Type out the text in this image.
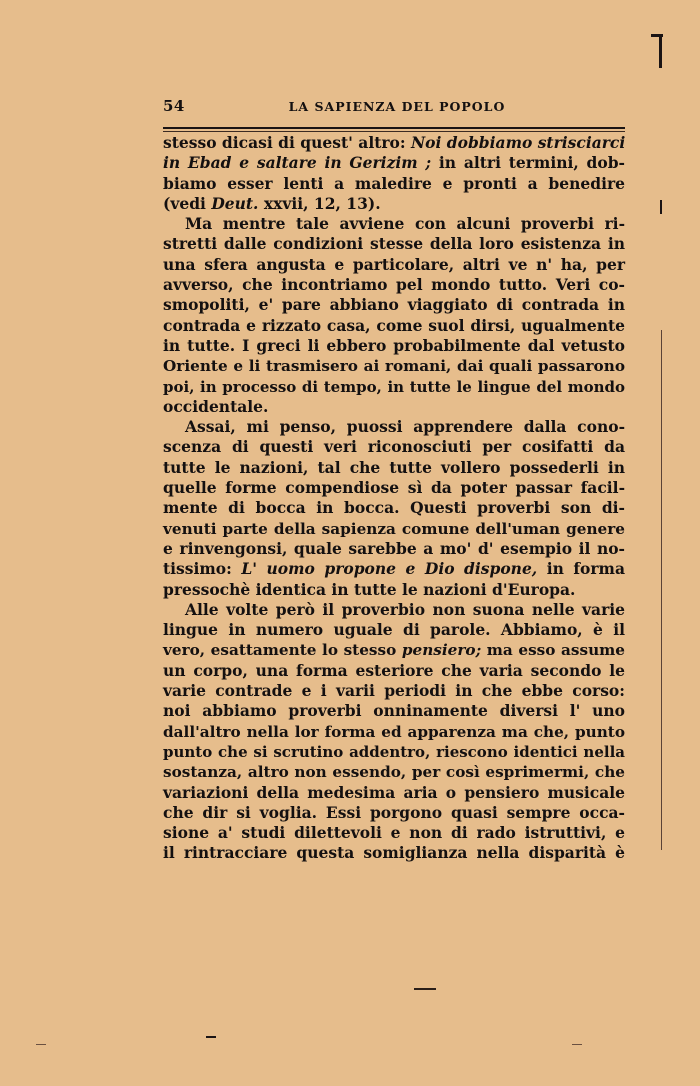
54	LA SAPIENZA DEL POPOLO
stesso dicasi di quest' altro: Noi dobbiamo strisciarci
in Ebad e saltare in Gerizim ; in altri termini, dob-
biamo esser lenti a maledire e pronti a benedire
(vedi Deut. xxvii, 12, 13).
Ma mentre tale avviene con alcuni proverbi ri-
stretti dalle condizioni stesse della loro esistenza in
una sfera angusta e particolare, altri ve n' ha, per
avverso, che incontriamo pel mondo tutto. Veri co-
smopoliti, e' pare abbiano viaggiato di contrada in
contrada e rizzato casa, come suol dirsi, ugualmente
in tutte. I greci li ebbero probabilmente dal vetusto
Oriente e li trasmisero ai romani, dai quali passarono
poi, in processo di tempo, in tutte le lingue del mondo
occidentale.
Assai, mi penso, puossi apprendere dalla cono-
scenza di questi veri riconosciuti per cosifatti da
tutte le nazioni, tal che tutte vollero possederli in
quelle forme compendiose sì da poter passar facil-
mente di bocca in bocca. Questi proverbi son di-
venuti parte della sapienza comune dell'uman genere
e rinvengonsi, quale sarebbe a mo' d' esempio il no-
tissimo: L' uomo propone e Dio dispone, in forma
pressochè identica in tutte le nazioni d'Europa.
Alle volte però il proverbio non suona nelle varie
lingue in numero uguale di parole. Abbiamo, è il
vero, esattamente lo stesso pensiero; ma esso assume
un corpo, una forma esteriore che varia secondo le
varie contrade e i varii periodi in che ebbe corso:
noi abbiamo proverbi onninamente diversi l' uno
dall'altro nella lor forma ed apparenza ma che, punto
punto che si scrutino addentro, riescono identici nella
sostanza, altro non essendo, per così esprimermi, che
variazioni della medesima aria o pensiero musicale
che dir si voglia. Essi porgono quasi sempre occa-
sione a' studi dilettevoli e non di rado istruttivi, e
il rintracciare questa somiglianza nella disparità è
